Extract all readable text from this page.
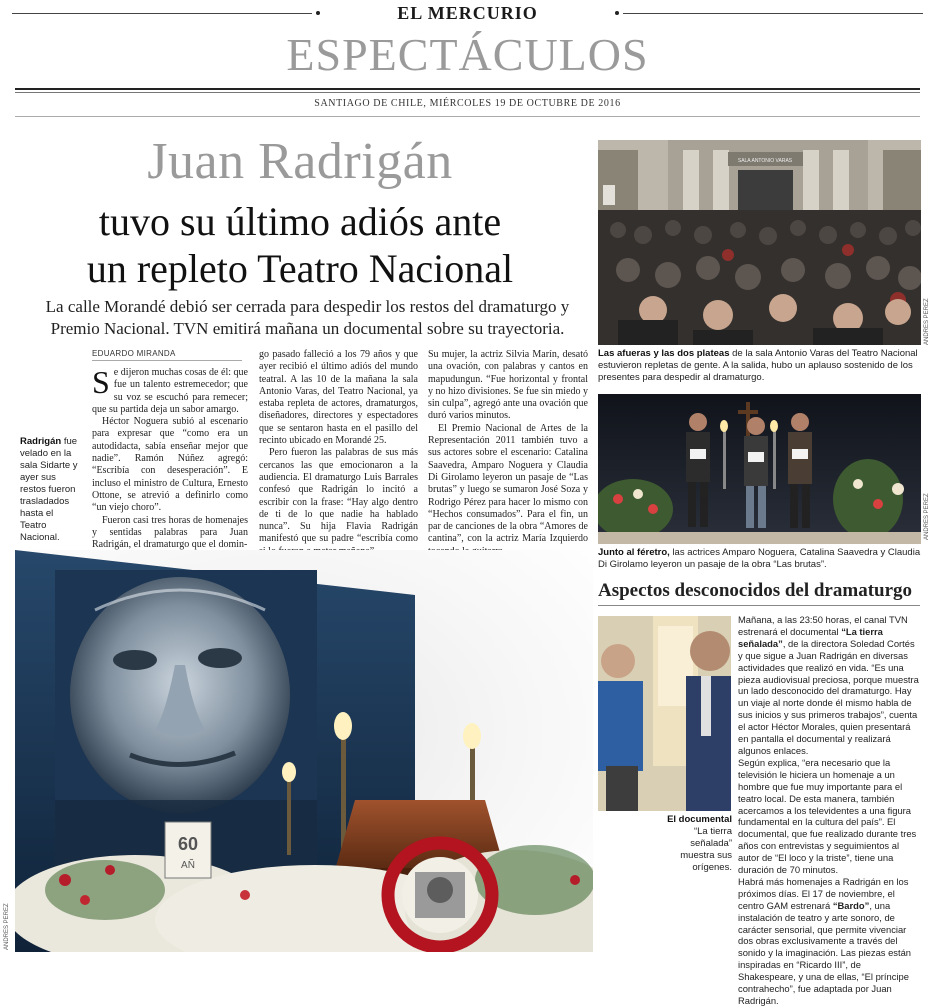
EL MERCURIO
ESPECTÁCULOS
SANTIAGO DE CHILE, MIÉRCOLES 19 DE OCTUBRE DE 2016
Juan Radrigán
tuvo su último adiós ante
un repleto Teatro Nacional
La calle Morandé debió ser cerrada para despedir los restos del dramaturgo y Premio Nacional. TVN emitirá mañana un documental sobre su trayectoria.
EDUARDO MIRANDA

Se dijeron muchas cosas de él: que fue un talento estremecedor; que su voz se escuchó para remecer; que su partida deja un sabor amargo.

Héctor Noguera subió al escenario para expresar que “como era un autodidacta, sabía enseñar mejor que nadie”. Ramón Núñez agregó: “Escribía con desesperación”. E incluso el ministro de Cultura, Ernesto Ottone, se atrevió a definirlo como “un viejo choro”.

Fueron casi tres horas de homenajes y sentidas palabras para Juan Radrigán, el dramaturgo que el domin-

go pasado falleció a los 79 años y que ayer recibió el último adiós del mundo teatral. A las 10 de la mañana la sala Antonio Varas, del Teatro Nacional, ya estaba repleta de actores, dramaturgos, diseñadores, directores y espectadores que se sentaron hasta en el pasillo del recinto ubicado en Morandé 25.

Pero fueron las palabras de sus más cercanos las que emocionaron a la audiencia. El dramaturgo Luis Barrales confesó que Radrigán lo incitó a escribir con la frase: “Hay algo dentro de ti de lo que nadie ha hablado nunca”. Su hija Flavia Radrigán manifestó que su padre “escribía como

Su mujer, la actriz Silvia Marín, desató una ovación, con palabras y cantos en mapudungun. “Fue horizontal y frontal y no hizo divisiones. Se fue sin miedo y sin culpa”, agregó ante una ovación que duró varios minutos.

El Premio Nacional de Artes de la Representación 2011 también tuvo a sus actores sobre el escenario: Catalina Saavedra, Amparo Noguera y Claudia Di Girolamo leyeron un pasaje de “Las brutas” y luego se sumaron José Soza y Rodrigo Pérez para hacer lo mismo con “Hechos consumados”. Para el fin, un par de canciones de la obra “Amores de cantina”, con la actriz María Izquierdo

Radrigán fue velado en la sala Sidarte y ayer sus restos fueron trasladados hasta el Teatro Nacional.
60
AÑ
ANDRES PEREZ
SALA ANTONIO VARAS
ANDRES PEREZ
Las afueras y las dos plateas de la sala Antonio Varas del Teatro Nacional estuvieron repletas de gente. A la salida, hubo un aplauso sostenido de los presentes para despedir al dramaturgo.
ANDRES PEREZ
Junto al féretro, las actrices Amparo Noguera, Catalina Saavedra y Claudia Di Girolamo leyeron un pasaje de la obra “Las brutas”.
Aspectos desconocidos del dramaturgo
El documental “La tierra señalada” muestra sus orígenes.

Mañana, a las 23:50 horas, el canal TVN estrenará el documental “La tierra señalada”, de la directora Soledad Cortés y que sigue a Juan Radrigán en diversas actividades que realizó en vida. “Es una pieza audiovisual preciosa, porque muestra un lado desconocido del dramaturgo. Hay un viaje al norte donde él mismo habla de sus inicios y sus primeros trabajos”, cuenta el actor Héctor Morales, quien presentará en pantalla el documental y realizará algunos enlaces.

Según explica, “era necesario que la televisión le hiciera un homenaje a un hombre que fue muy importante para el teatro local. De esta manera, también acercamos a los televidentes a una figura fundamental en la cultura del país”. El documental, que fue realizado durante tres años con entrevistas y seguimientos al autor de “El loco y la triste”, tiene una duración de 70 minutos.

Habrá más homenajes a Radrigán en los próximos días. El 17 de noviembre, el centro GAM estrenará “Bardo”, una instalación de teatro y arte sonoro, de carácter sensorial, que permite vivenciar dos obras exclusivamente a través del sonido y la imaginación. Las piezas están inspiradas en “Ricardo III”, de Shakespeare, y una de ellas, “El príncipe contrahecho”, fue adaptada por Juan Radrigán.
